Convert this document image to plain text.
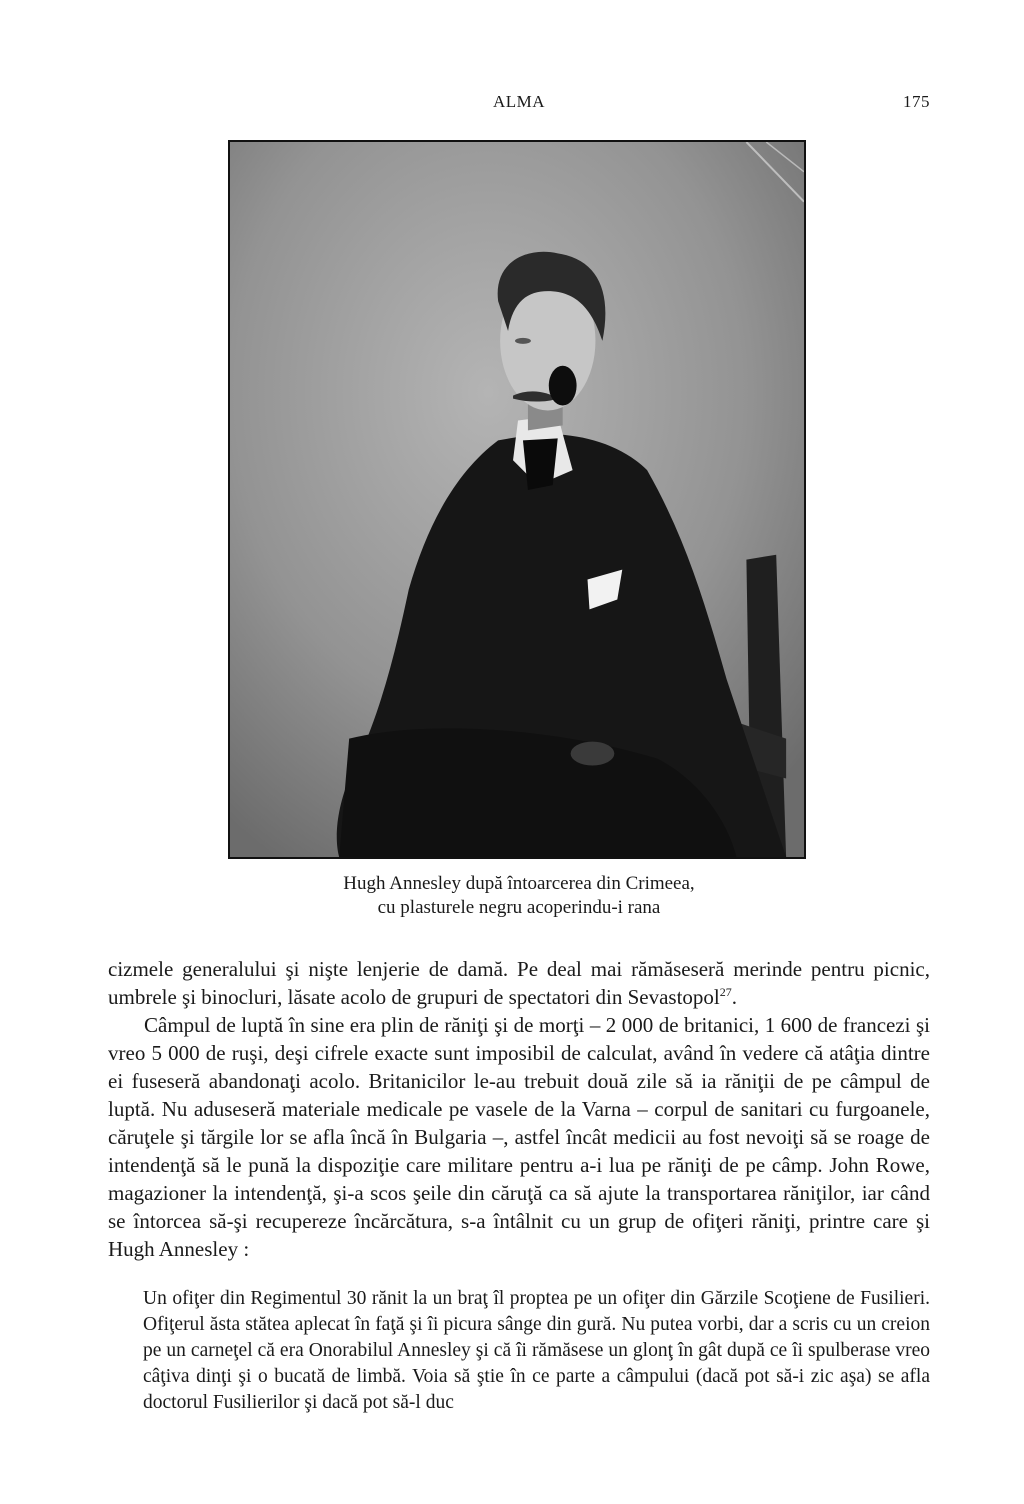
ALMA	175
Hugh Annesley după întoarcerea din Crimeea,
cu plasturele negru acoperindu-i rana

cizmele generalului şi nişte lenjerie de damă. Pe deal mai rămăseseră merinde pentru picnic, umbrele şi binocluri, lăsate acolo de grupuri de spectatori din Sevastopol$^{27}$.

Câmpul de luptă în sine era plin de răniţi şi de morţi – 2 000 de britanici, 1 600 de francezi şi vreo 5 000 de ruşi, deşi cifrele exacte sunt imposibil de calculat, având în vedere că atâţia dintre ei fuseseră abandonaţi acolo. Britanicilor le-au trebuit două zile să ia răniţii de pe câmpul de luptă. Nu aduseseră materiale medicale pe vasele de la Varna – corpul de sanitari cu furgoanele, căruţele şi tărgile lor se afla încă în Bulgaria –, astfel încât medicii au fost nevoiţi să se roage de intendenţă să le pună la dispoziţie care militare pentru a-i lua pe răniţi de pe câmp. John Rowe, magazioner la intendenţă, şi-a scos şeile din căruţă ca să ajute la transportarea răniţilor, iar când se întorcea să-şi recupereze încărcătura, s-a întâlnit cu un grup de ofiţeri răniţi, printre care şi Hugh Annesley :

Un ofiţer din Regimentul 30 rănit la un braţ îl proptea pe un ofiţer din Gărzile Scoţiene de Fusilieri. Ofiţerul ăsta stătea aplecat în faţă şi îi picura sânge din gură. Nu putea vorbi, dar a scris cu un creion pe un carneţel că era Onorabilul Annesley şi că îi rămăsese un glonţ în gât după ce îi spulberase vreo câţiva dinţi şi o bucată de limbă. Voia să ştie în ce parte a câmpului (dacă pot să-i zic aşa) se afla doctorul Fusilierilor şi dacă pot să-l duc
